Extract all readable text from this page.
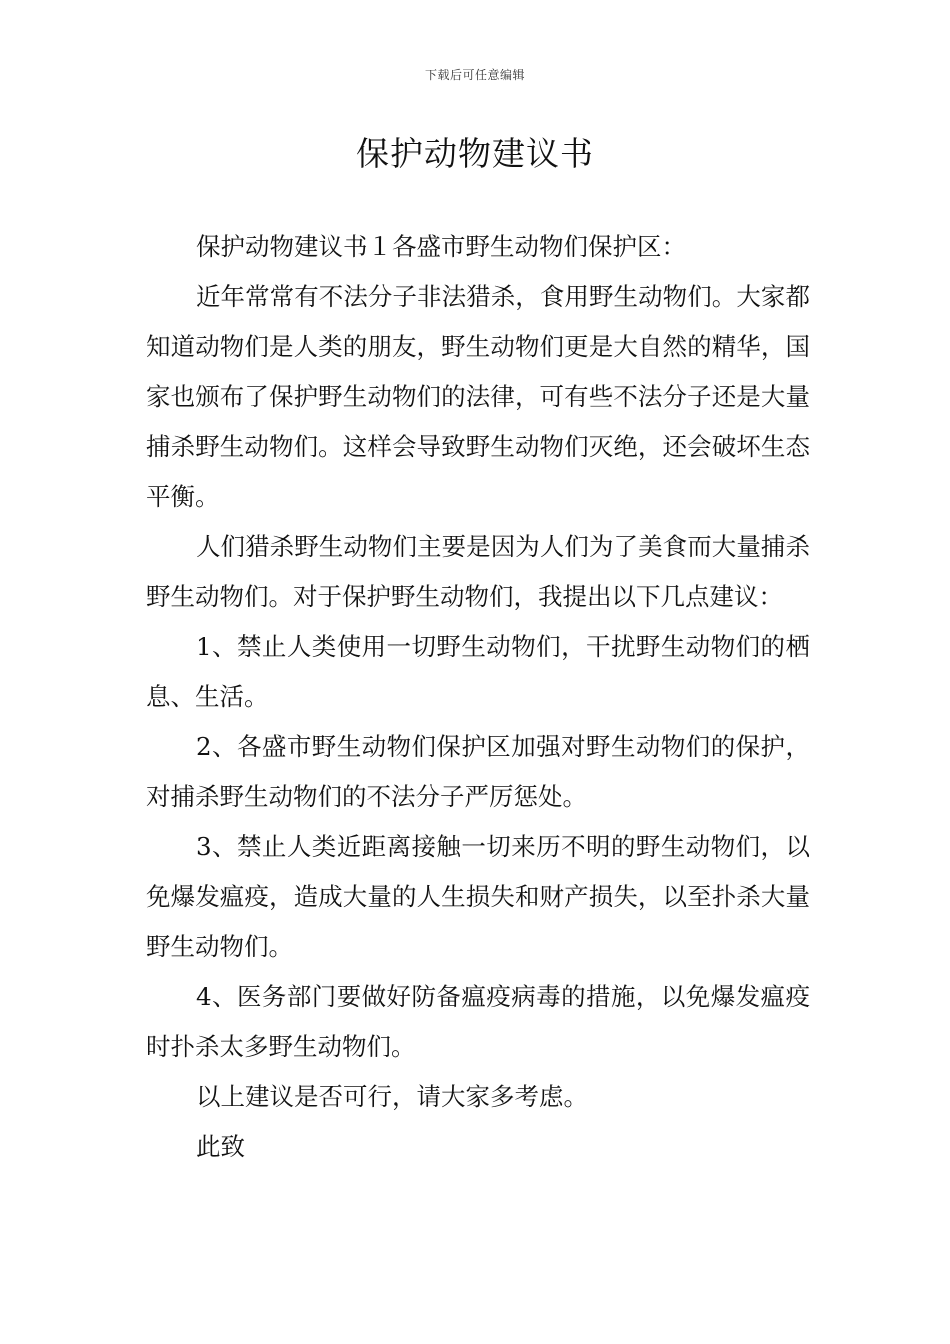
下载后可任意编辑
保护动物建议书

保护动物建议书１各盛市野生动物们保护区：

近年常常有不法分子非法猎杀，食用野生动物们。大家都知道动物们是人类的朋友，野生动物们更是大自然的精华，国家也颁布了保护野生动物们的法律，可有些不法分子还是大量捕杀野生动物们。这样会导致野生动物们灭绝，还会破坏生态平衡。

人们猎杀野生动物们主要是因为人们为了美食而大量捕杀野生动物们。对于保护野生动物们，我提出以下几点建议：

1、禁止人类使用一切野生动物们，干扰野生动物们的栖息、生活。

2、各盛市野生动物们保护区加强对野生动物们的保护，对捕杀野生动物们的不法分子严厉惩处。

3、禁止人类近距离接触一切来历不明的野生动物们，以免爆发瘟疫，造成大量的人生损失和财产损失，以至扑杀大量野生动物们。

4、医务部门要做好防备瘟疫病毒的措施，以免爆发瘟疫时扑杀太多野生动物们。

以上建议是否可行，请大家多考虑。

此致
